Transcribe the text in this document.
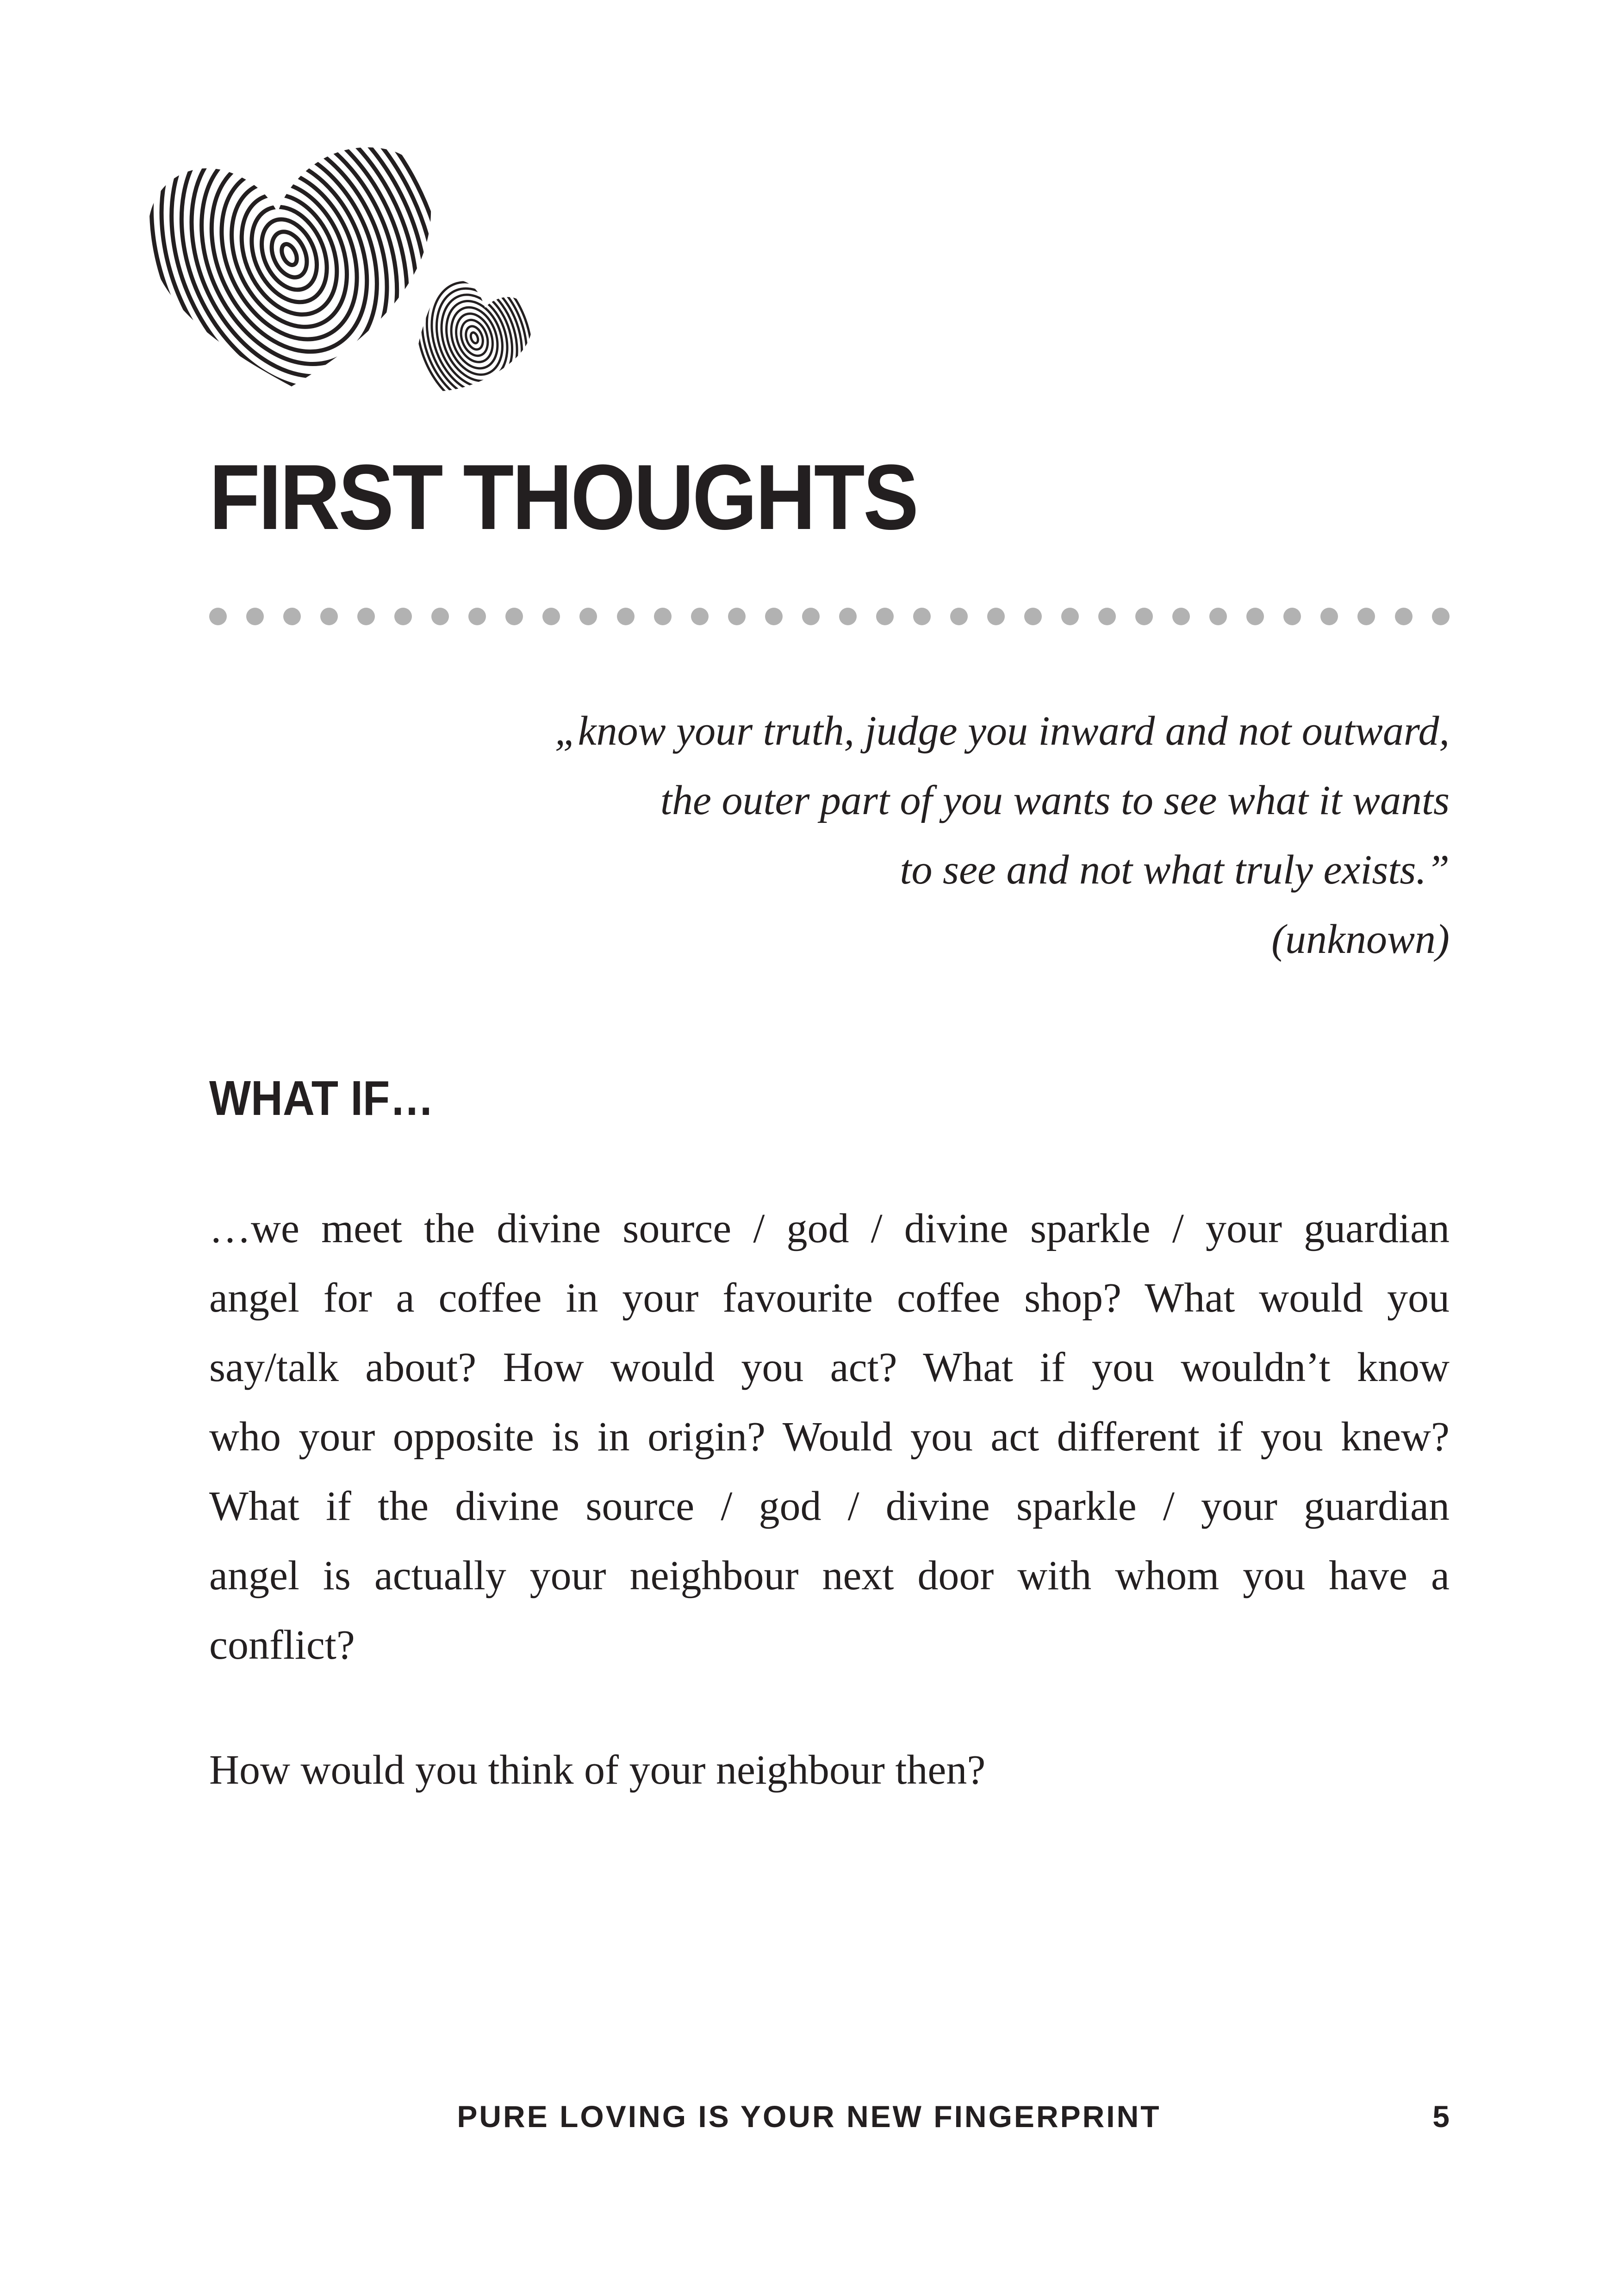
FIRST THOUGHTS

„know your truth, judge you inward and not outward,

the outer part of you wants to see what it wants

to see and not what truly exists.”

(unknown)

WHAT IF…

…we meet the divine source / god / divine sparkle / your guardian
angel for a coffee in your favourite coffee shop? What would you
say/talk about? How would you act? What if you wouldn’t know
who your opposite is in origin? Would you act different if you knew?
What if the divine source / god / divine sparkle / your guardian
angel is actually your neighbour next door with whom you have a
conflict?

How would you think of your neighbour then?

PURE LOVING IS YOUR NEW FINGERPRINT	5
